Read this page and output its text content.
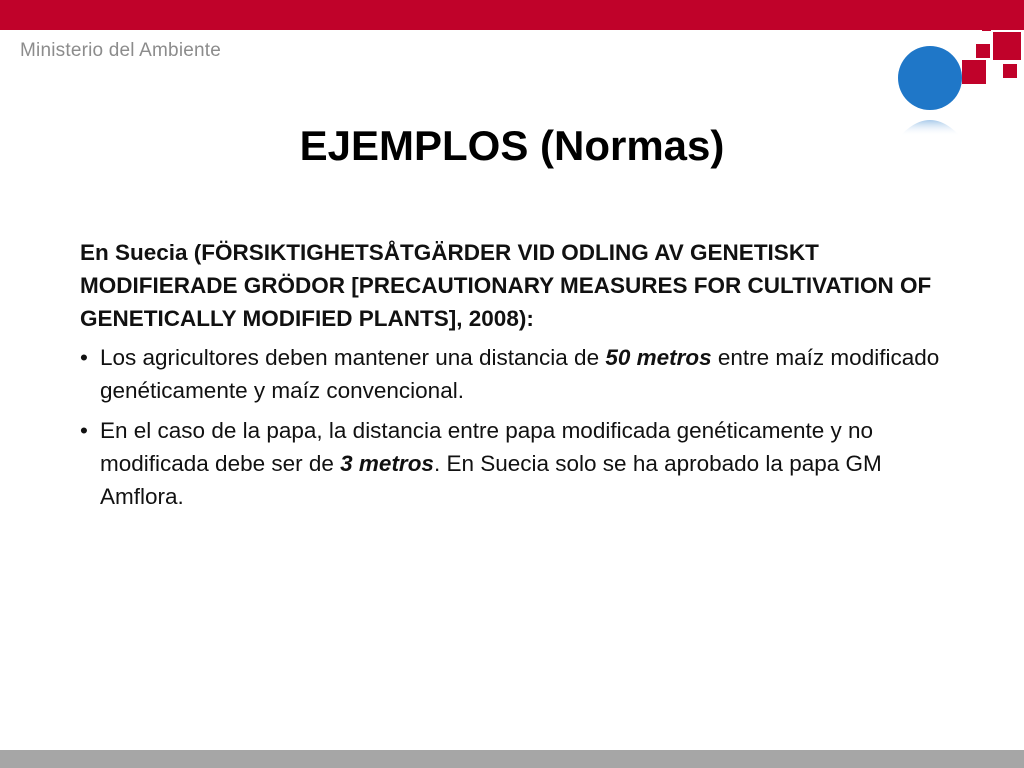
Ministerio del Ambiente
EJEMPLOS (Normas)

En Suecia (FÖRSIKTIGHETSÅTGÄRDER VID ODLING AV GENETISKT MODIFIERADE GRÖDOR [PRECAUTIONARY MEASURES FOR CULTIVATION OF GENETICALLY MODIFIED PLANTS], 2008):

• Los agricultores deben mantener una distancia de 50 metros entre maíz modificado genéticamente y maíz convencional.
• En el caso de la papa, la distancia entre papa modificada genéticamente y no modificada debe ser de 3 metros. En Suecia solo se ha aprobado la papa GM Amflora.
